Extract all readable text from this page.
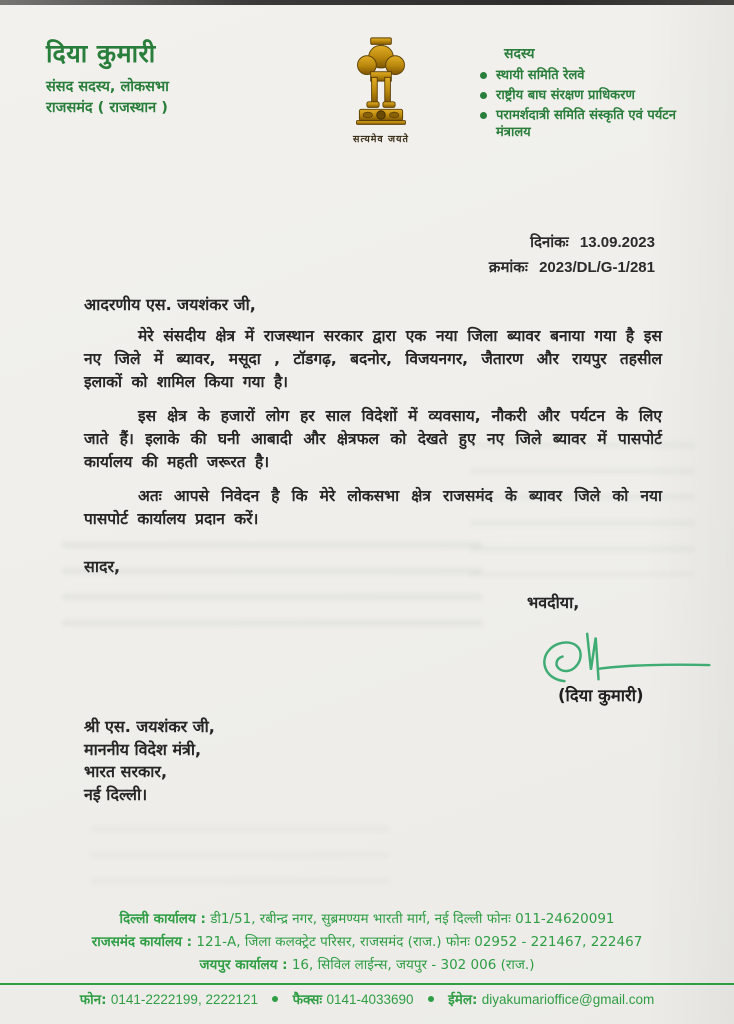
दिया कुमारी
संसद सदस्य, लोकसभा
राजसमंद ( राजस्थान )
सत्यमेव जयते
सदस्य
स्थायी समिति रेलवे
राष्ट्रीय बाघ संरक्षण प्राधिकरण
परामर्शदात्री समिति संस्कृति एवं पर्यटन मंत्रालय
दिनांकः 13.09.2023
क्रमांकः 2023/DL/G-1/281

आदरणीय एस. जयशंकर जी,

मेरे संसदीय क्षेत्र में राजस्थान सरकार द्वारा एक नया जिला ब्यावर बनाया गया है इस नए जिले में ब्यावर, मसूदा , टॉडगढ़, बदनोर, विजयनगर, जैतारण और रायपुर तहसील इलाकों को शामिल किया गया है।

इस क्षेत्र के हजारों लोग हर साल विदेशों में व्यवसाय, नौकरी और पर्यटन के लिए जाते हैं। इलाके की घनी आबादी और क्षेत्रफल को देखते हुए नए जिले ब्यावर में पासपोर्ट कार्यालय की महती जरूरत है।

अतः आपसे निवेदन है कि मेरे लोकसभा क्षेत्र राजसमंद के ब्यावर जिले को नया पासपोर्ट कार्यालय प्रदान करें।

सादर,

भवदीया,
(दिया कुमारी)
श्री एस. जयशंकर जी,
माननीय विदेश मंत्री,
भारत सरकार,
नई दिल्ली।
दिल्ली कार्यालय : डी1/51, रबीन्द्र नगर, सुब्रमण्यम भारती मार्ग, नई दिल्ली फोनः 011-24620091
राजसमंद कार्यालय : 121-A, जिला कलक्ट्रेट परिसर, राजसमंद (राज.) फोनः 02952 - 221467, 222467
जयपुर कार्यालय : 16, सिविल लाईन्स, जयपुर - 302 006 (राज.)
फोन: 0141-2222199, 2222121	फैक्सः 0141-4033690	ईमेल: diyakumarioffice@gmail.com
